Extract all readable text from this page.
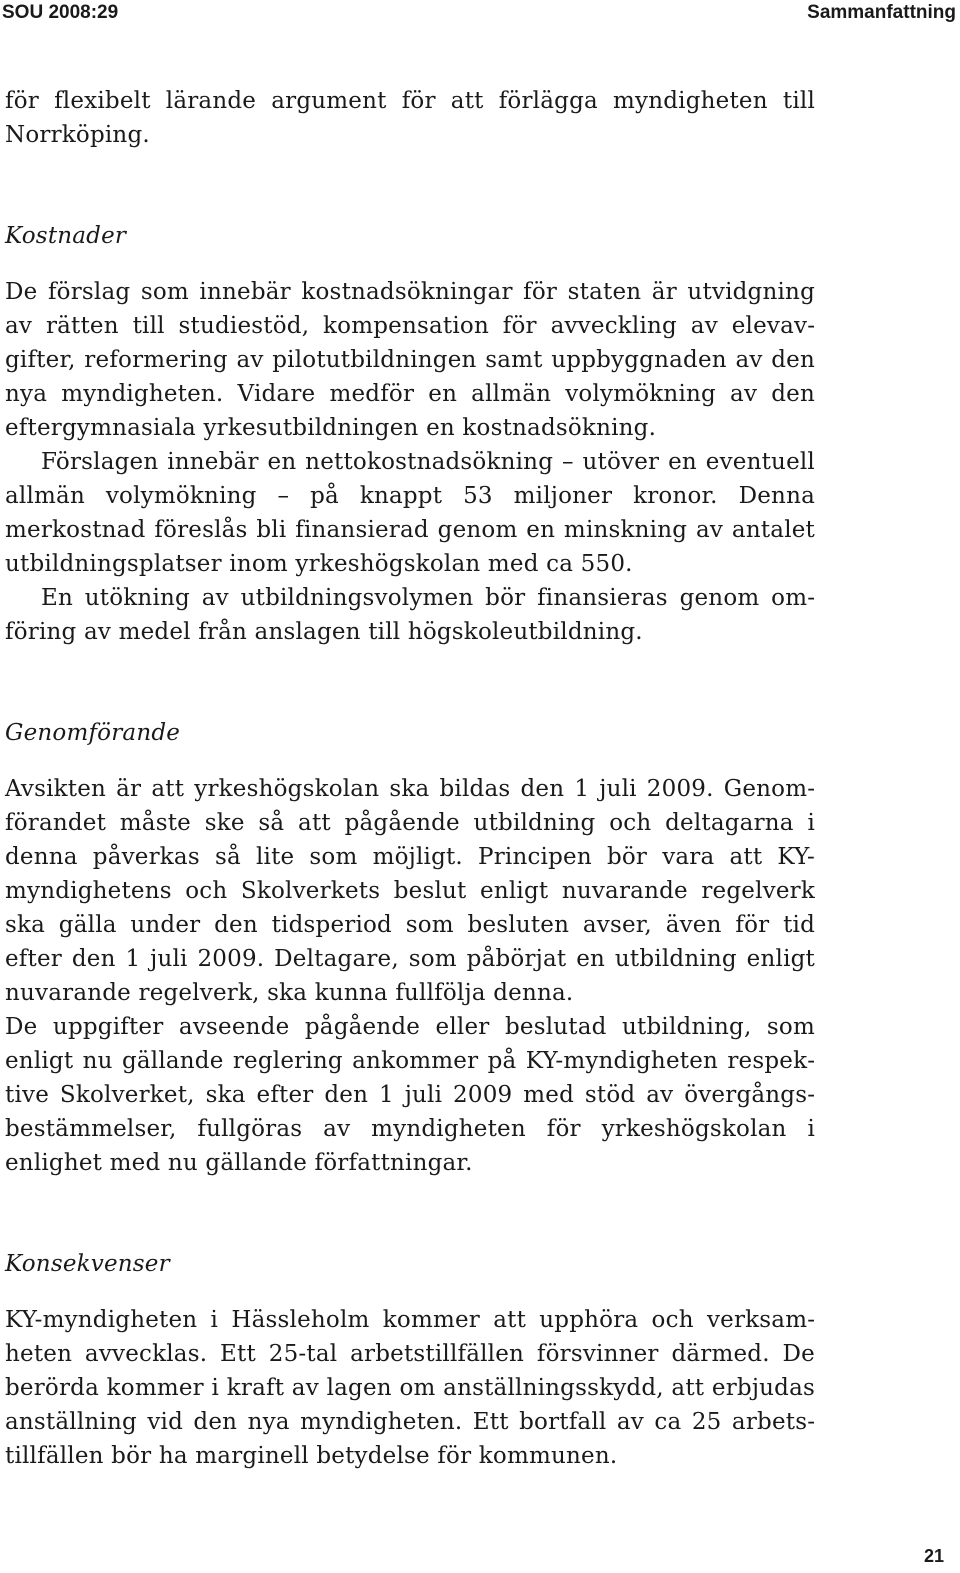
SOU 2008:29	Sammanfattning

för flexibelt lärande argument för att förlägga myndigheten till Norrköping.

Kostnader

De förslag som innebär kostnadsökningar för staten är utvidgning av rätten till studiestöd, kompensation för avveckling av elevavgifter, reformering av pilotutbildningen samt uppbyggnaden av den nya myndigheten. Vidare medför en allmän volymökning av den eftergymnasiala yrkesutbildningen en kostnadsökning.

Förslagen innebär en nettokostnadsökning – utöver en eventuell allmän volymökning – på knappt 53 miljoner kronor. Denna merkostnad föreslås bli finansierad genom en minskning av antalet utbildningsplatser inom yrkeshögskolan med ca 550.

En utökning av utbildningsvolymen bör finansieras genom omföring av medel från anslagen till högskoleutbildning.

Genomförande

Avsikten är att yrkeshögskolan ska bildas den 1 juli 2009. Genomförandet måste ske så att pågående utbildning och deltagarna i denna påverkas så lite som möjligt. Principen bör vara att KY-myndighetens och Skolverkets beslut enligt nuvarande regelverk ska gälla under den tidsperiod som besluten avser, även för tid efter den 1 juli 2009. Deltagare, som påbörjat en utbildning enligt nuvarande regelverk, ska kunna fullfölja denna.

De uppgifter avseende pågående eller beslutad utbildning, som enligt nu gällande reglering ankommer på KY-myndigheten respektive Skolverket, ska efter den 1 juli 2009 med stöd av övergångsbestämmelser, fullgöras av myndigheten för yrkeshögskolan i enlighet med nu gällande författningar.

Konsekvenser

KY-myndigheten i Hässleholm kommer att upphöra och verksamheten avvecklas. Ett 25-tal arbetstillfällen försvinner därmed. De berörda kommer i kraft av lagen om anställningsskydd, att erbjudas anställning vid den nya myndigheten. Ett bortfall av ca 25 arbetstillfällen bör ha marginell betydelse för kommunen.

21
